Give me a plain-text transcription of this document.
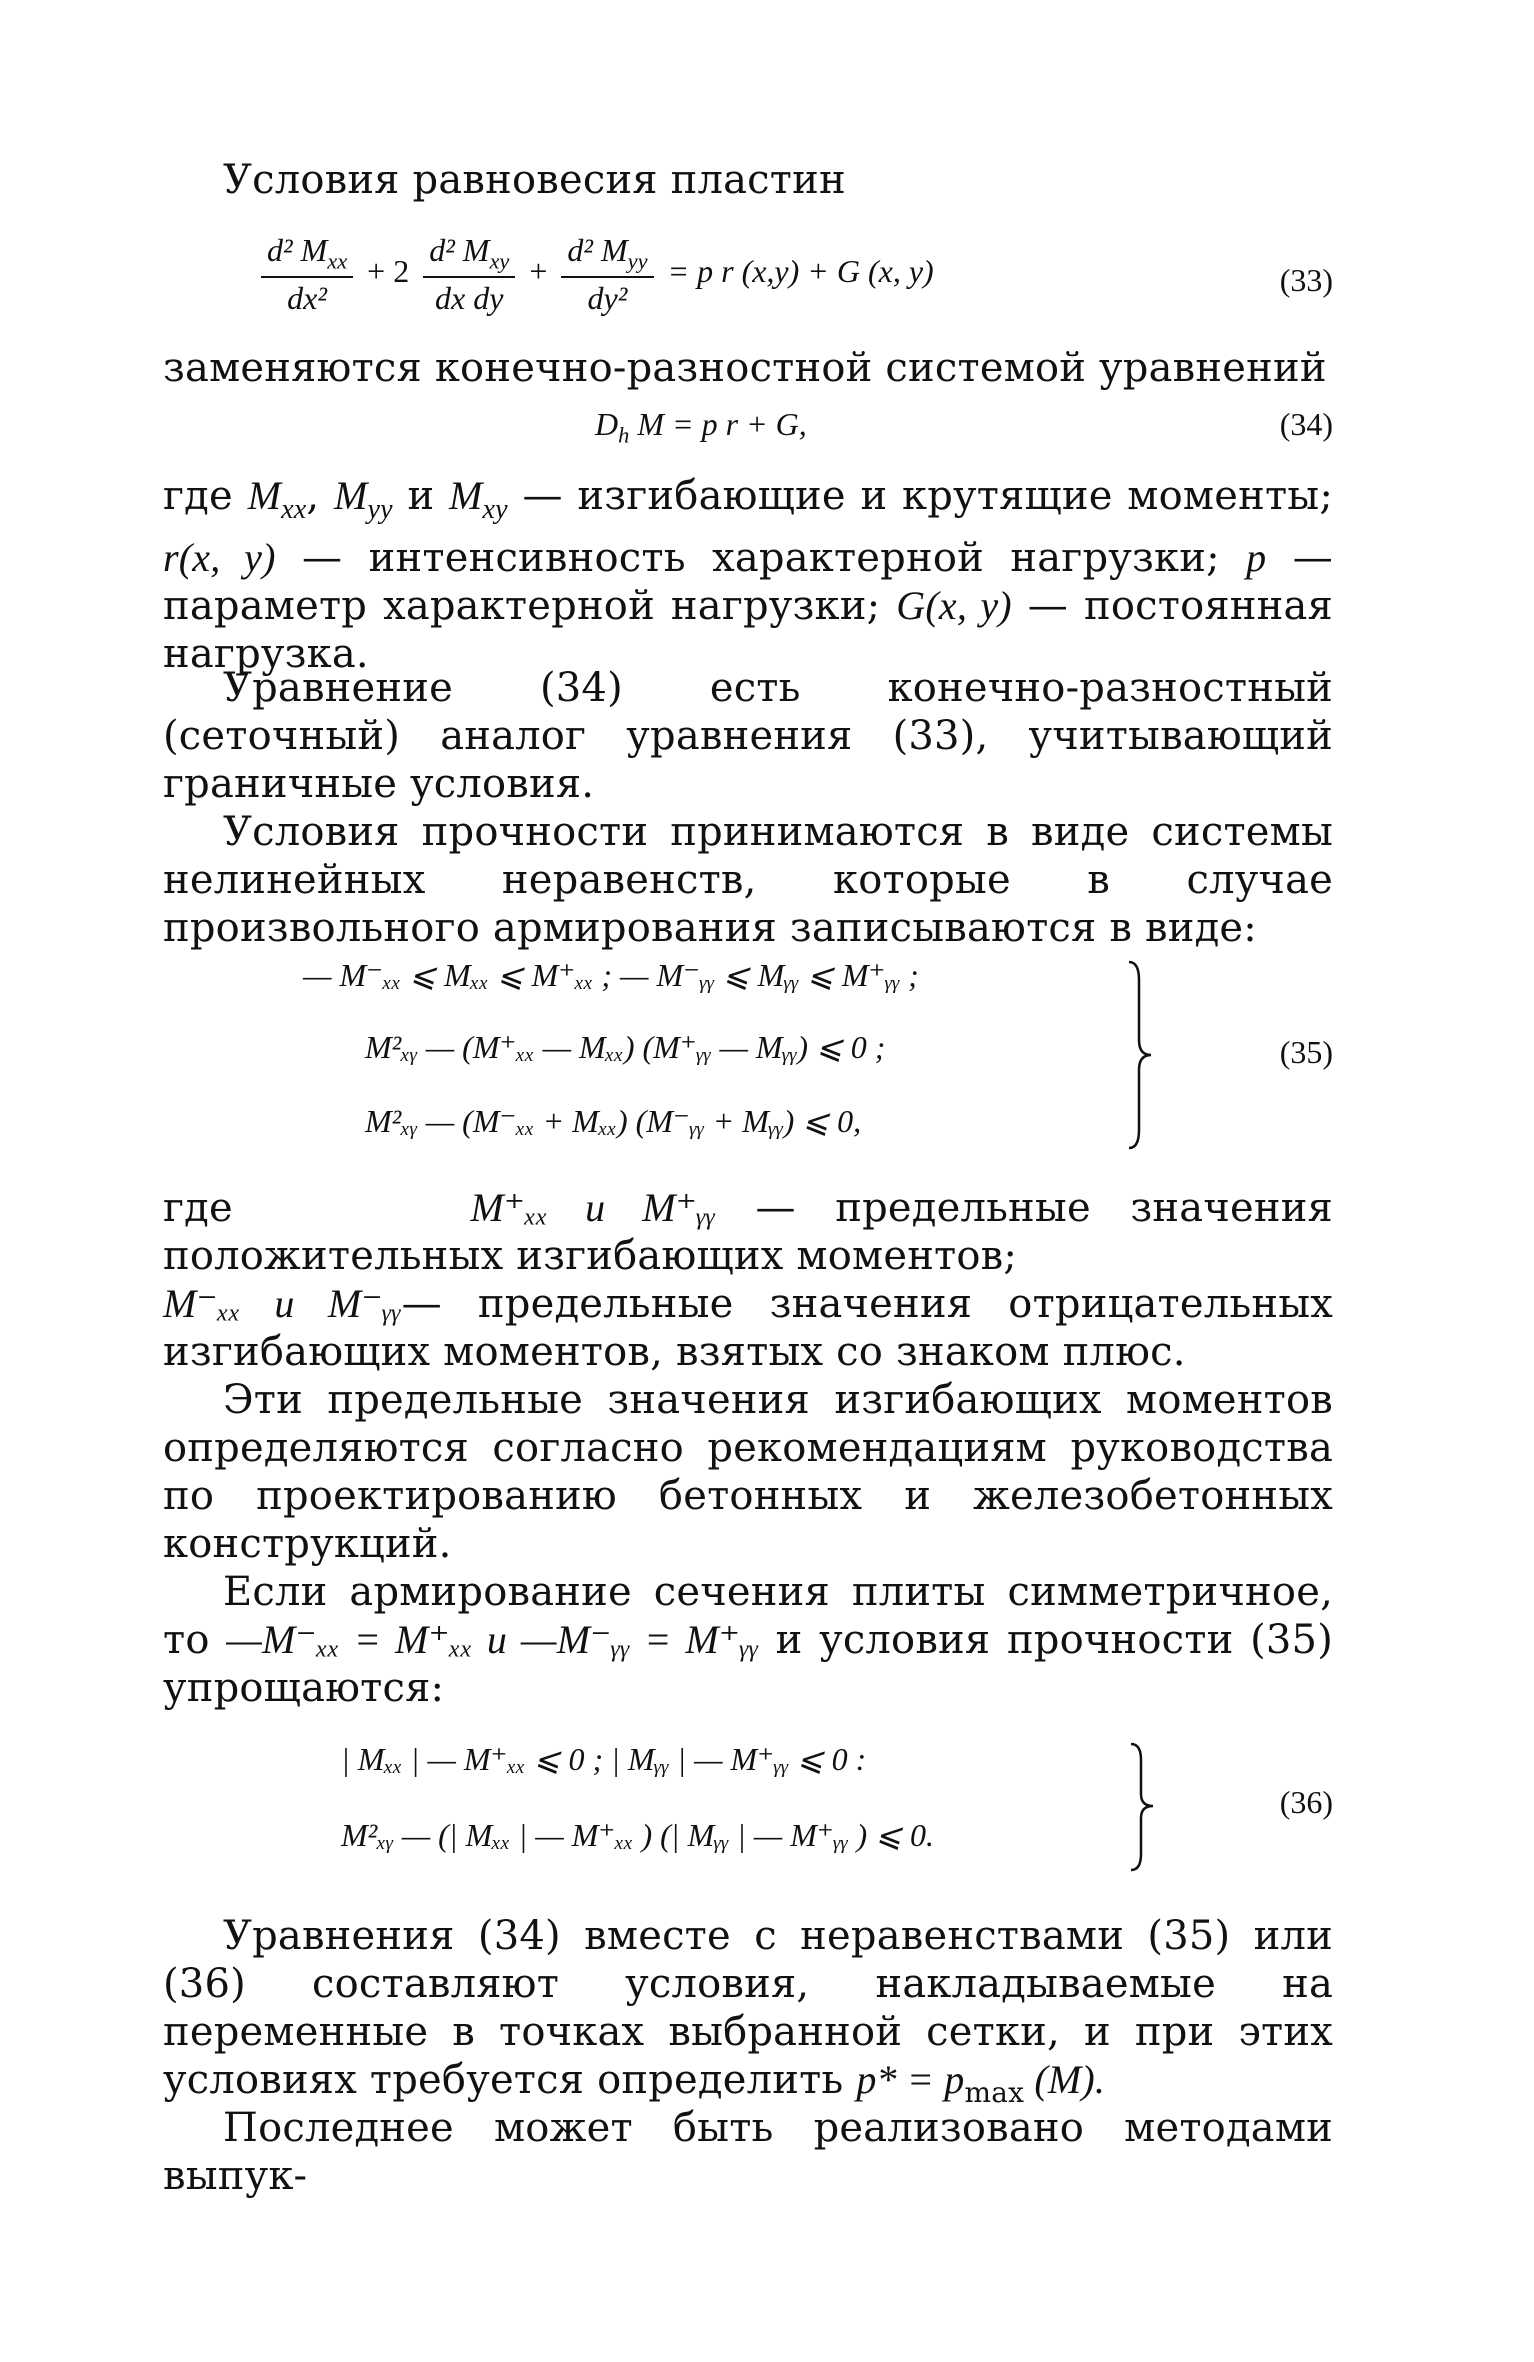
Условия равновесия пластин
$\frac{d^2 M_{xx}}{\text{dx²}} + 2 \frac{d^2 M_{xy}}{\text{dx dy}} + \frac{d^2 M_{yy}}{\text{dy²}} = p$ r (x,y) + G (x, y)	(33)
заменяются конечно-разностной системой уравнений
$D_h$ M = p r + G,	(34)
где $M_{xx}$, $M_{yy}$ и $M_{xy}$ — изгибающие и крутящие моменты; r(x, y) — интенсивность характерной нагрузки; p — параметр характерной нагрузки; G(x, y) — постоянная нагрузка.
Уравнение (34) есть конечно-разностный (сеточный) аналог уравнения (33), учитывающий граничные условия.
Условия прочности принимаются в виде системы нелинейных неравенств, которые в случае произвольного армирования записываются в виде:
— M⁻ₓₓ ⩽ Mₓₓ ⩽ M⁺ₓₓ ; — M⁻ᵧᵧ ⩽ Mᵧᵧ ⩽ M⁺ᵧᵧ ;
M²ₓᵧ — (M⁺ₓₓ — Mₓₓ) (M⁺ᵧᵧ — Mᵧᵧ) ⩽ 0 ;
M²ₓᵧ — (M⁻ₓₓ + Mₓₓ) (M⁻ᵧᵧ + Mᵧᵧ) ⩽ 0,
(35)
где	M⁺ₓₓ и M⁺ᵧᵧ — предельные значения положительных изгибающих моментов;
M⁻ₓₓ и M⁻ᵧᵧ— предельные значения отрицательных изгибающих моментов, взятых со знаком плюс.
Эти предельные значения изгибающих моментов определяются согласно рекомендациям руководства по проектированию бетонных и железобетонных конструкций.
Если армирование сечения плиты симметричное, то —M⁻ₓₓ = M⁺ₓₓ и —M⁻ᵧᵧ = M⁺ᵧᵧ и условия прочности (35) упрощаются:
| Mₓₓ | — M⁺ₓₓ ⩽ 0 ; | Mᵧᵧ | — M⁺ᵧᵧ ⩽ 0 :
M²ₓᵧ — (| Mₓₓ | — M⁺ₓₓ ) (| Mᵧᵧ | — M⁺ᵧᵧ ) ⩽ 0.
(36)
Уравнения (34) вместе с неравенствами (35) или (36) составляют условия, накладываемые на переменные в точках выбранной сетки, и при этих условиях требуется определить $p* = p_{max}$ (M).
Последнее может быть реализовано методами выпук-
